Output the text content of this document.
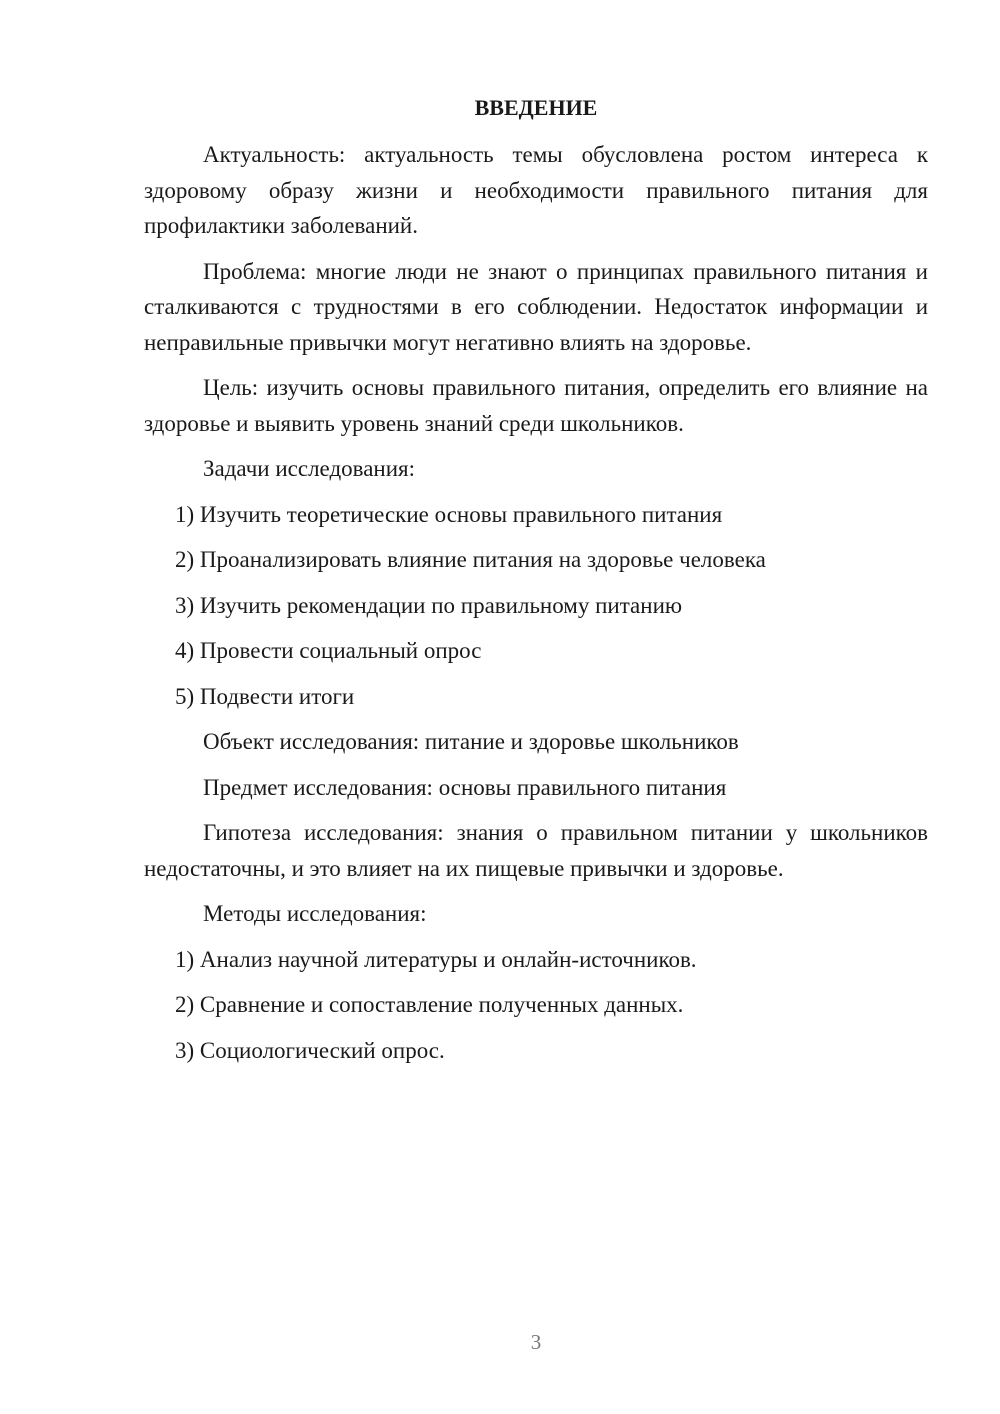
ВВЕДЕНИЕ
Актуальность: актуальность темы обусловлена ростом интереса к здоровому образу жизни и необходимости правильного питания для профилактики заболеваний.
Проблема: многие люди не знают о принципах правильного питания и сталкиваются с трудностями в его соблюдении. Недостаток информации и неправильные привычки могут негативно влиять на здоровье.
Цель: изучить основы правильного питания, определить его влияние на здоровье и выявить уровень знаний среди школьников.
Задачи исследования:
1) Изучить теоретические основы правильного питания
2) Проанализировать влияние питания на здоровье человека
3) Изучить рекомендации по правильному питанию
4) Провести социальный опрос
5) Подвести итоги
Объект исследования: питание и здоровье школьников
Предмет исследования: основы правильного питания
Гипотеза исследования: знания о правильном питании у школьников недостаточны, и это влияет на их пищевые привычки и здоровье.
Методы исследования:
1) Анализ научной литературы и онлайн-источников.
2) Сравнение и сопоставление полученных данных.
3) Социологический опрос.
3
